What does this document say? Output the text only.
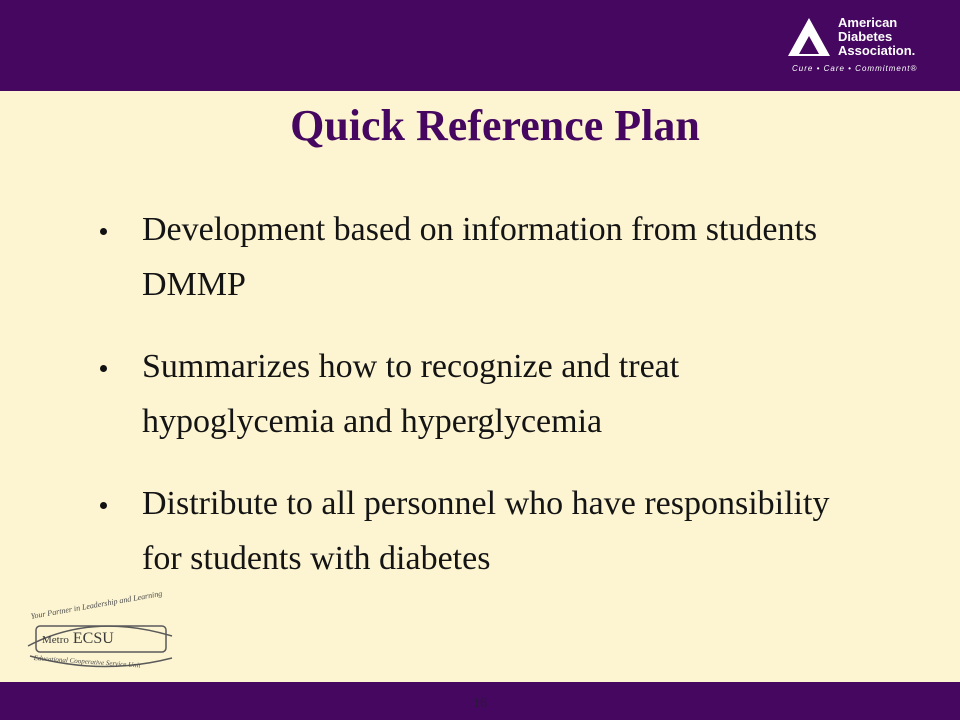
American
Diabetes
Association.
Cure • Care • Commitment®
Quick Reference Plan
Development based on information from students DMMP
Summarizes how to recognize and treat hypoglycemia and hyperglycemia
Distribute to all personnel who have responsibility for students with diabetes
Your Partner in Leadership and Learning
Metro ECSU
Educational Cooperative Service Unit
16
